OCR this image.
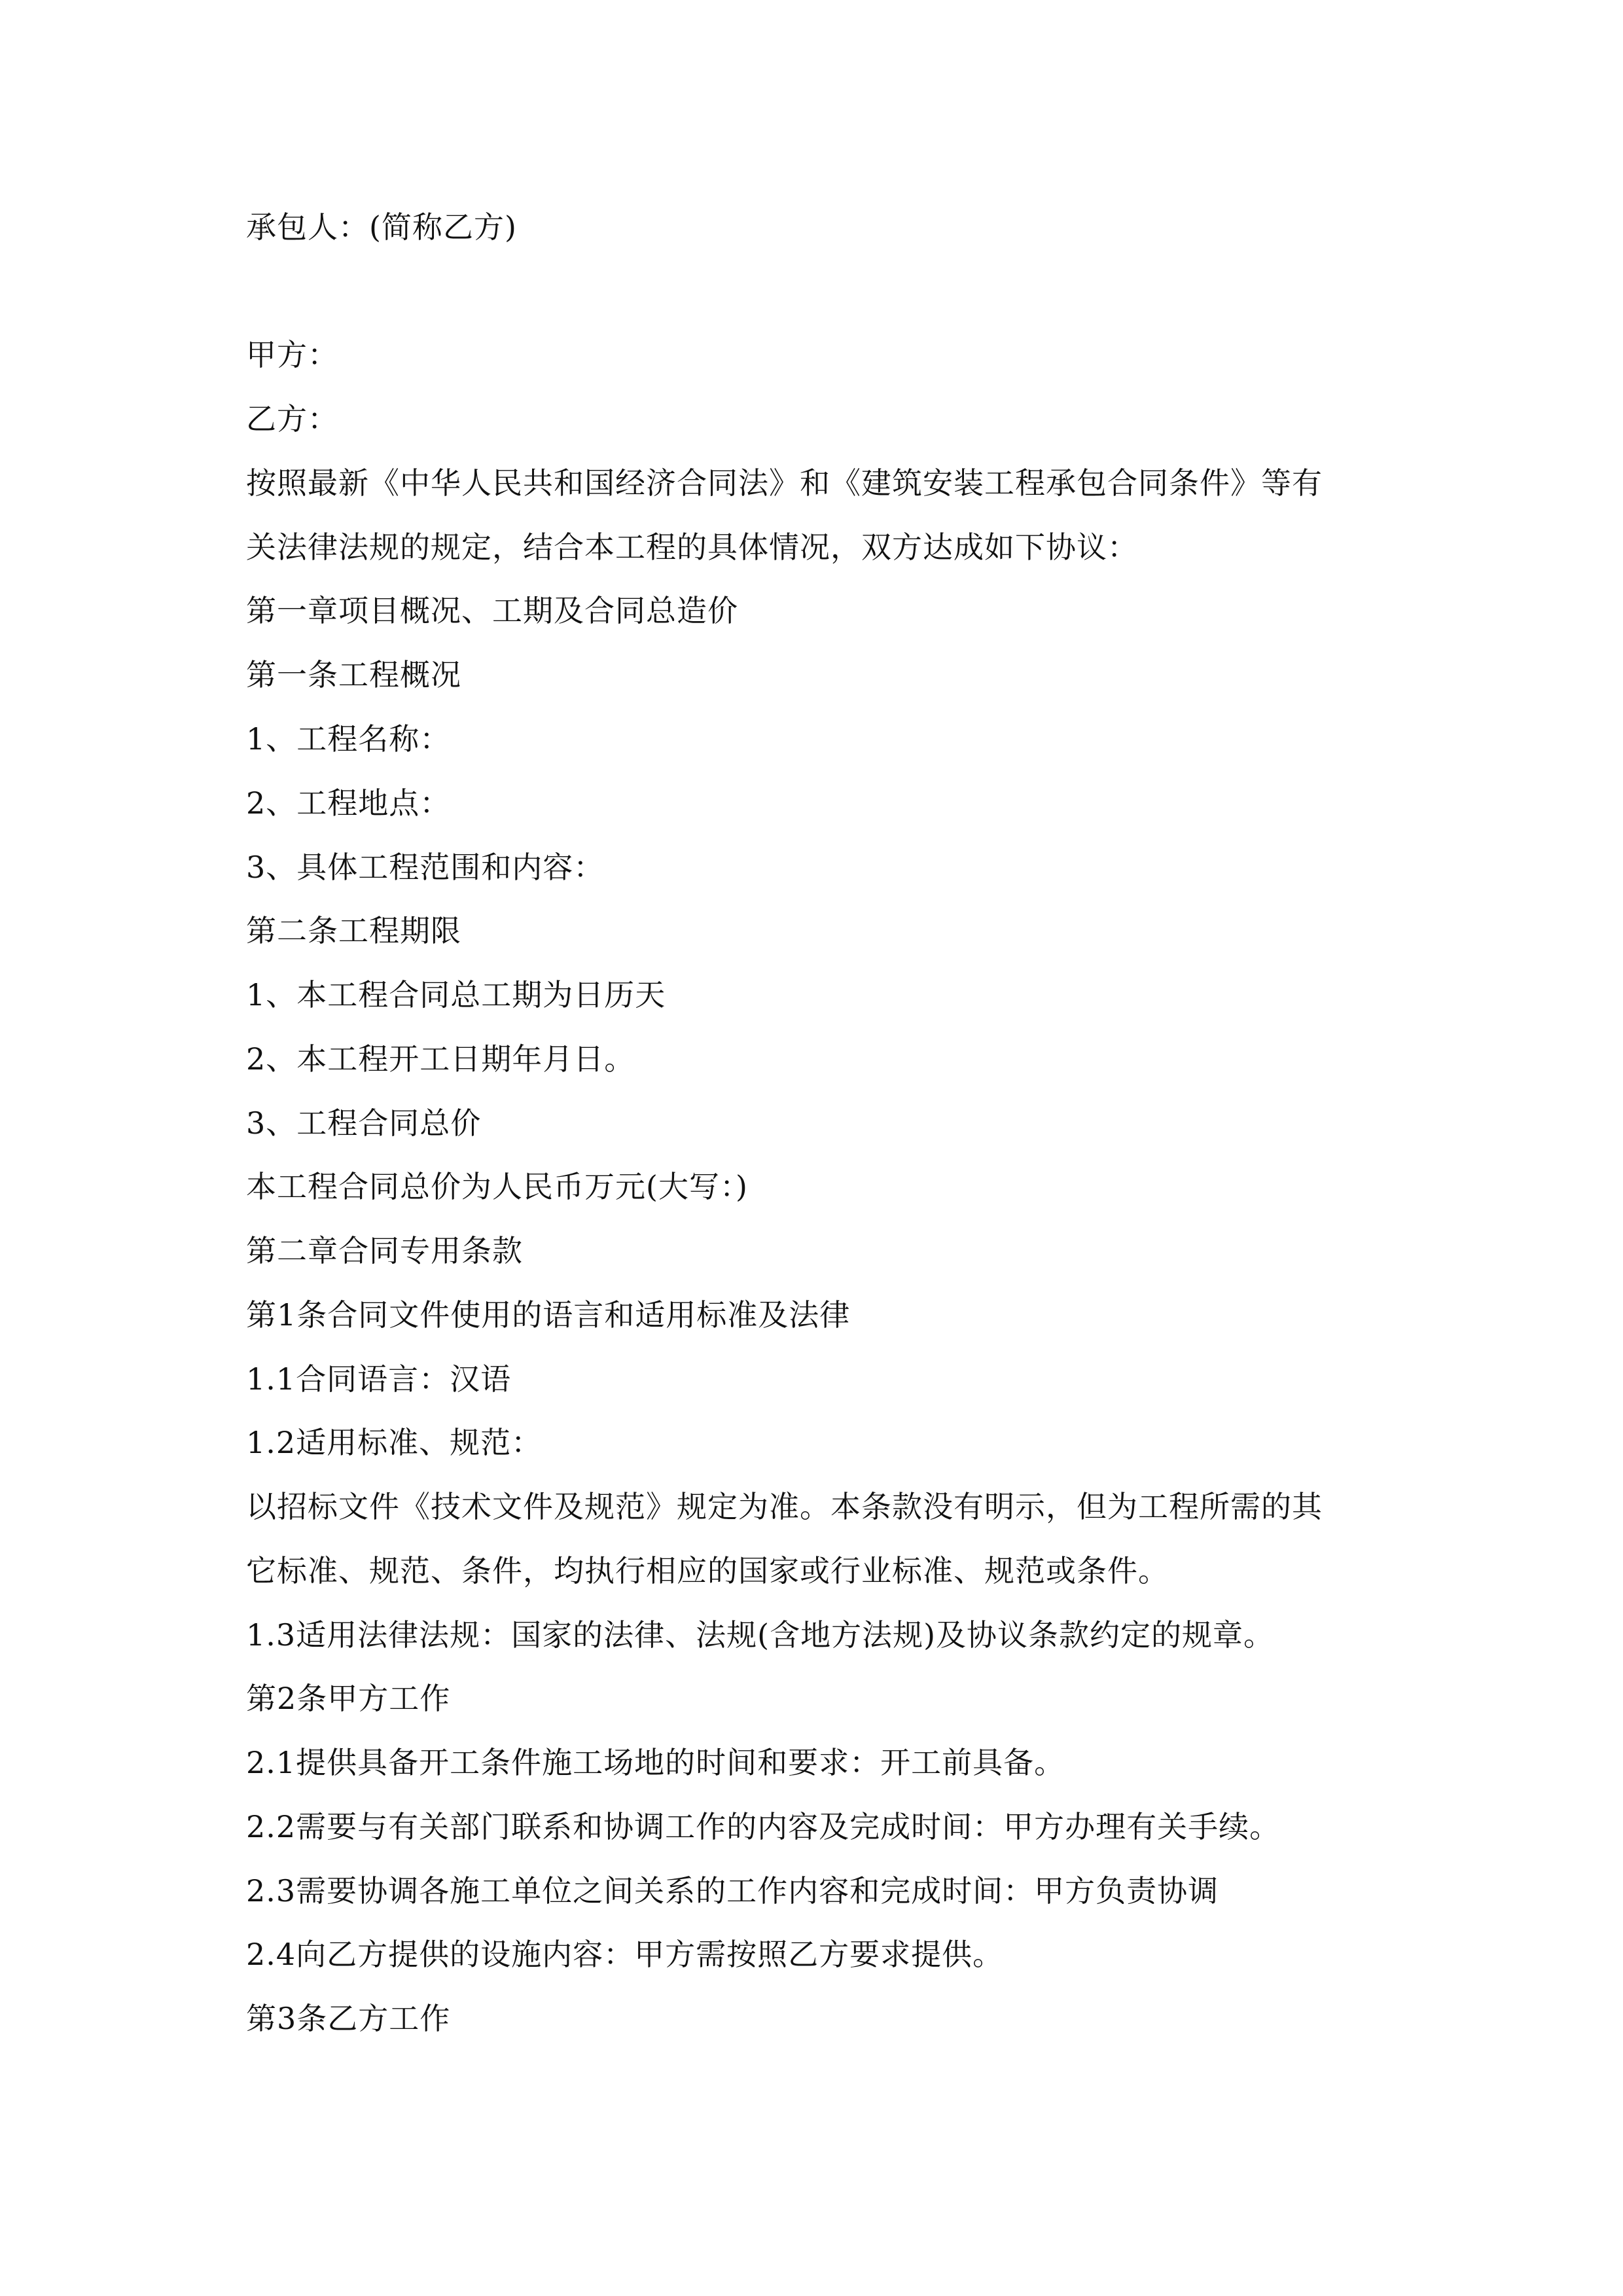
承包人：(简称乙方)
甲方：
乙方：
按照最新《中华人民共和国经济合同法》和《建筑安装工程承包合同条件》等有
关法律法规的规定，结合本工程的具体情况，双方达成如下协议：
第一章项目概况、工期及合同总造价
第一条工程概况
1、工程名称：
2、工程地点：
3、具体工程范围和内容：
第二条工程期限
1、本工程合同总工期为日历天
2、本工程开工日期年月日。
3、工程合同总价
本工程合同总价为人民币万元(大写：)
第二章合同专用条款
第1条合同文件使用的语言和适用标准及法律
1.1合同语言：汉语
1.2适用标准、规范：
以招标文件《技术文件及规范》规定为准。本条款没有明示，但为工程所需的其
它标准、规范、条件，均执行相应的国家或行业标准、规范或条件。
1.3适用法律法规：国家的法律、法规(含地方法规)及协议条款约定的规章。
第2条甲方工作
2.1提供具备开工条件施工场地的时间和要求：开工前具备。
2.2需要与有关部门联系和协调工作的内容及完成时间：甲方办理有关手续。
2.3需要协调各施工单位之间关系的工作内容和完成时间：甲方负责协调
2.4向乙方提供的设施内容：甲方需按照乙方要求提供。
第3条乙方工作
